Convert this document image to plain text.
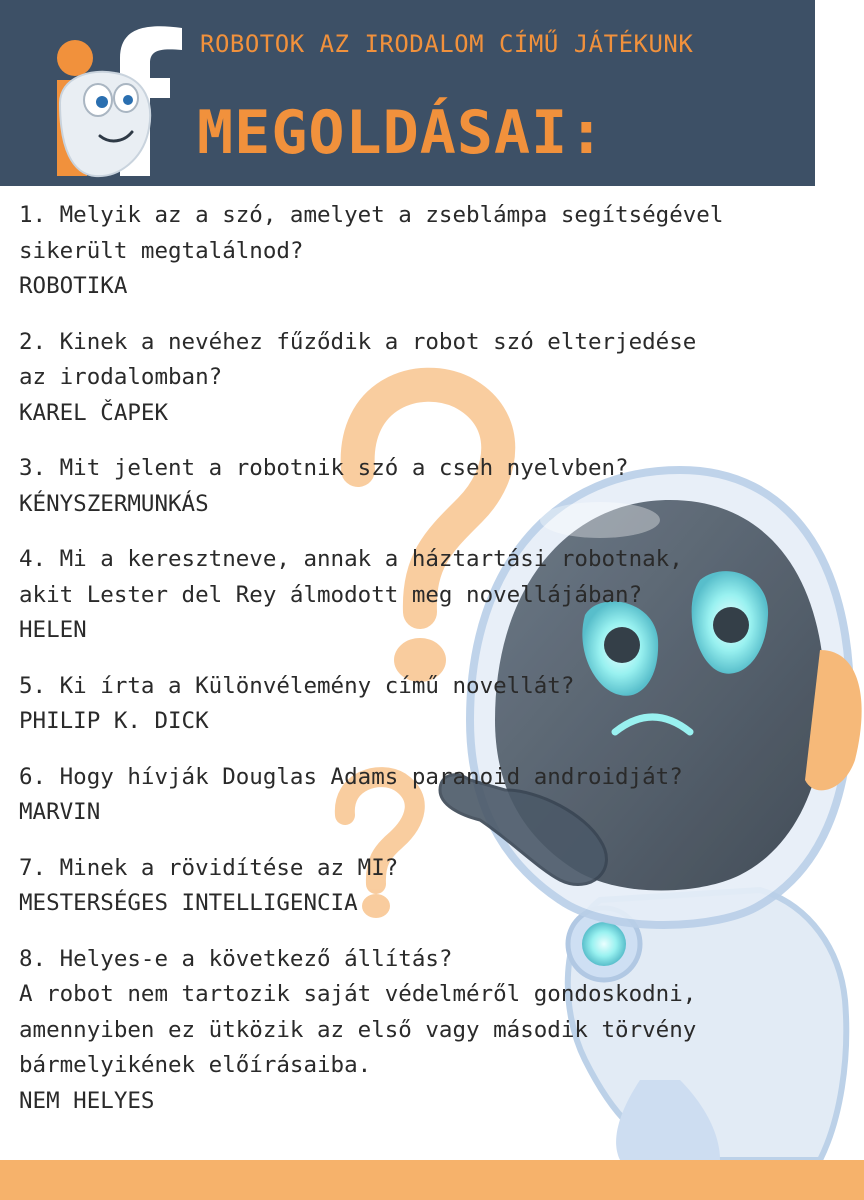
ROBOTOK AZ IRODALOM CÍMŰ JÁTÉKUNK
MEGOLDÁSAI:

1. Melyik az a szó, amelyet a zseblámpa segítségével

sikerült megtalálnod?

ROBOTIKA

2. Kinek a nevéhez fűződik a robot szó elterjedése

az irodalomban?

KAREL ČAPEK

3. Mit jelent a robotnik szó a cseh nyelvben?

KÉNYSZERMUNKÁS

4. Mi a keresztneve, annak a háztartási robotnak,

akit Lester del Rey álmodott meg novellájában?

HELEN

5. Ki írta a Különvélemény című novellát?

PHILIP K. DICK

6. Hogy hívják Douglas Adams paranoid androidját?

MARVIN

7. Minek a rövidítése az MI?

MESTERSÉGES INTELLIGENCIA

8. Helyes-e a következő állítás?

A robot nem tartozik saját védelméről gondoskodni,

amennyiben ez ütközik az első vagy második törvény

bármelyikének előírásaiba.

NEM HELYES
